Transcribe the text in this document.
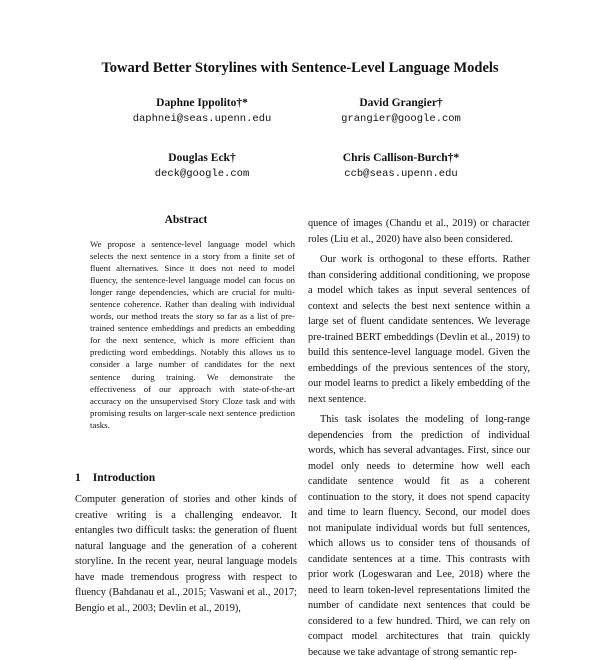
Toward Better Storylines with Sentence-Level Language Models
Daphne Ippolito†*
daphnei@seas.upenn.edu
David Grangier†
grangier@google.com
Douglas Eck†
deck@google.com
Chris Callison-Burch†*
ccb@seas.upenn.edu
Abstract
We propose a sentence-level language model which selects the next sentence in a story from a finite set of fluent alternatives. Since it does not need to model fluency, the sentence-level language model can focus on longer range dependencies, which are crucial for multi-sentence coherence. Rather than dealing with individual words, our method treats the story so far as a list of pre-trained sentence embeddings and predicts an embedding for the next sentence, which is more efficient than predicting word embeddings. Notably this allows us to consider a large number of candidates for the next sentence during training. We demonstrate the effectiveness of our approach with state-of-the-art accuracy on the unsupervised Story Cloze task and with promising results on larger-scale next sentence prediction tasks.
1 Introduction
Computer generation of stories and other kinds of creative writing is a challenging endeavor. It entangles two difficult tasks: the generation of fluent natural language and the generation of a coherent storyline. In the recent year, neural language models have made tremendous progress with respect to fluency (Bahdanau et al., 2015; Vaswani et al., 2017; Bengio et al., 2003; Devlin et al., 2019),

quence of images (Chandu et al., 2019) or character roles (Liu et al., 2020) have also been considered.

Our work is orthogonal to these efforts. Rather than considering additional conditioning, we propose a model which takes as input several sentences of context and selects the best next sentence within a large set of fluent candidate sentences. We leverage pre-trained BERT embeddings (Devlin et al., 2019) to build this sentence-level language model. Given the embeddings of the previous sentences of the story, our model learns to predict a likely embedding of the next sentence.

This task isolates the modeling of long-range dependencies from the prediction of individual words, which has several advantages. First, since our model only needs to determine how well each candidate sentence would fit as a coherent continuation to the story, it does not spend capacity and time to learn fluency. Second, our model does not manipulate individual words but full sentences, which allows us to consider tens of thousands of candidate sentences at a time. This contrasts with prior work (Logeswaran and Lee, 2018) where the need to learn token-level representations limited the number of candidate next sentences that could be considered to a few hundred. Third, we can rely on compact model architectures that train quickly because we take advantage of strong semantic rep-
